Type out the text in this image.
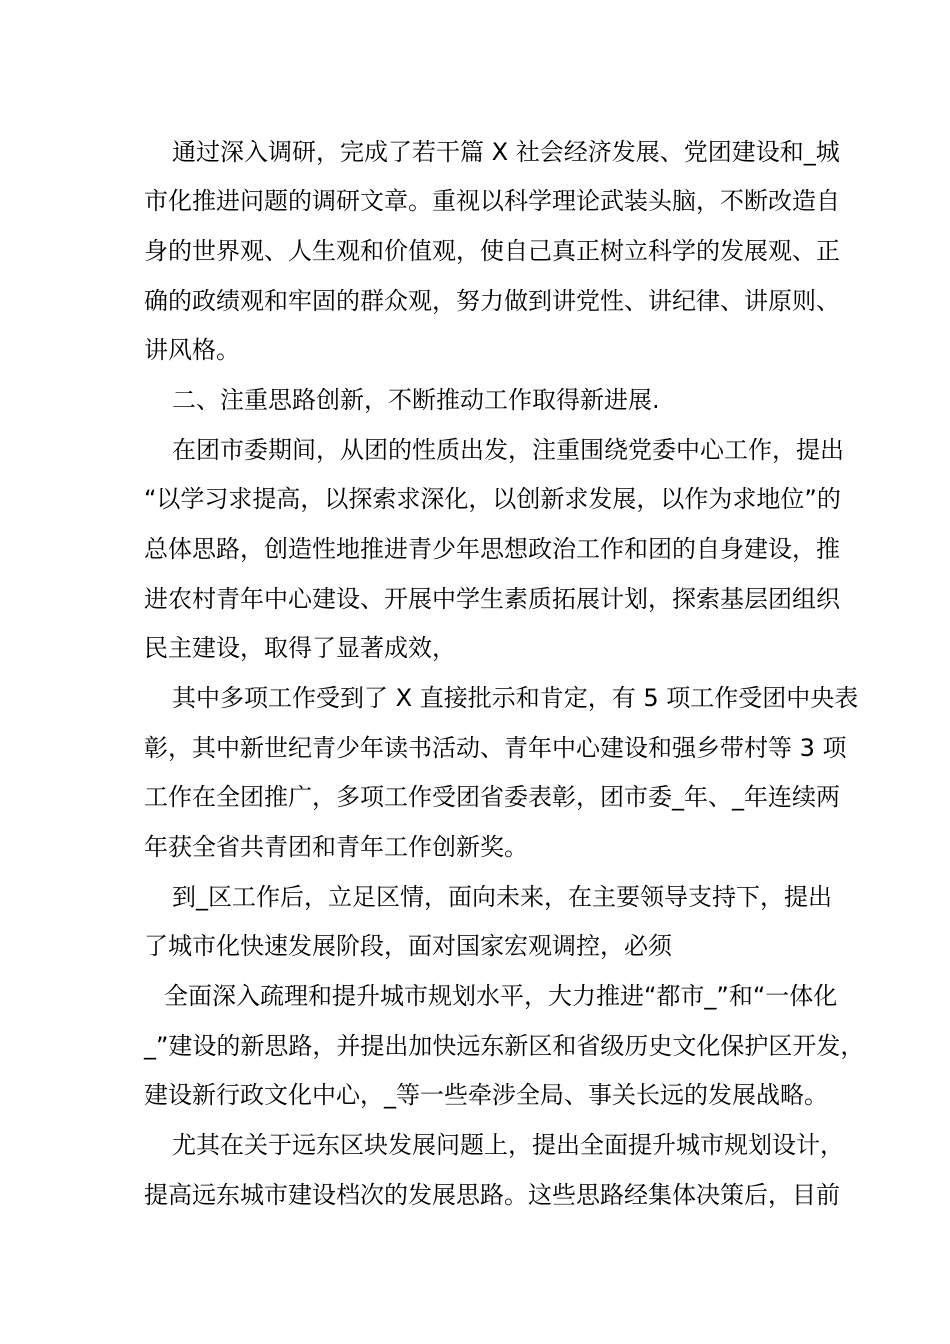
通过深入调研，完成了若干篇 X 社会经济发展、党团建设和_城
市化推进问题的调研文章。重视以科学理论武装头脑，不断改造自
身的世界观、人生观和价值观，使自己真正树立科学的发展观、正
确的政绩观和牢固的群众观，努力做到讲党性、讲纪律、讲原则、
讲风格。
二、注重思路创新，不断推动工作取得新进展.
在团市委期间，从团的性质出发，注重围绕党委中心工作，提出
“以学习求提高，以探索求深化，以创新求发展，以作为求地位”的
总体思路，创造性地推进青少年思想政治工作和团的自身建设，推
进农村青年中心建设、开展中学生素质拓展计划，探索基层团组织
民主建设，取得了显著成效，
其中多项工作受到了 X 直接批示和肯定，有 5 项工作受团中央表
彰，其中新世纪青少年读书活动、青年中心建设和强乡带村等 3 项
工作在全团推广，多项工作受团省委表彰，团市委_年、_年连续两
年获全省共青团和青年工作创新奖。
到_区工作后，立足区情，面向未来，在主要领导支持下，提出
了城市化快速发展阶段，面对国家宏观调控，必须
全面深入疏理和提升城市规划水平，大力推进“都市_”和“一体化
_”建设的新思路，并提出加快远东新区和省级历史文化保护区开发，
建设新行政文化中心，_等一些牵涉全局、事关长远的发展战略。
尤其在关于远东区块发展问题上，提出全面提升城市规划设计，
提高远东城市建设档次的发展思路。这些思路经集体决策后，目前
